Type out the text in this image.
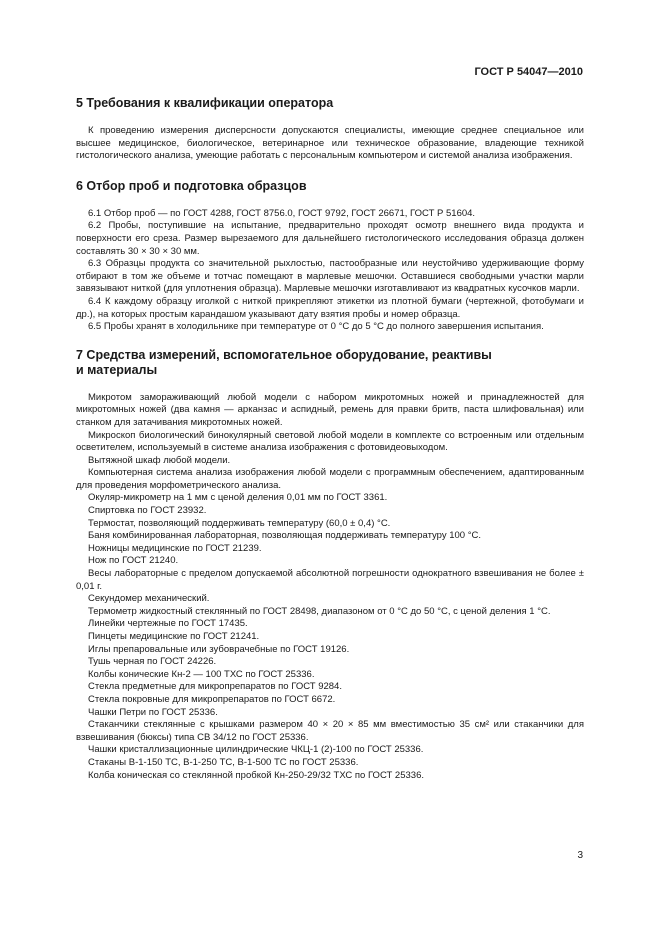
ГОСТ Р 54047—2010
5 Требования к квалификации оператора

К проведению измерения дисперсности допускаются специалисты, имеющие среднее специальное или высшее медицинское, биологическое, ветеринарное или техническое образование, владеющие техникой гистологического анализа, умеющие работать с персональным компьютером и системой анализа изображения.

6 Отбор проб и подготовка образцов

6.1 Отбор проб — по ГОСТ 4288, ГОСТ 8756.0, ГОСТ 9792, ГОСТ 26671, ГОСТ Р 51604.

6.2 Пробы, поступившие на испытание, предварительно проходят осмотр внешнего вида продукта и поверхности его среза. Размер вырезаемого для дальнейшего гистологического исследования образца должен составлять 30 × 30 × 30 мм.

6.3 Образцы продукта со значительной рыхлостью, пастообразные или неустойчиво удерживающие форму отбирают в том же объеме и тотчас помещают в марлевые мешочки. Оставшиеся свободными участки марли завязывают ниткой (для уплотнения образца). Марлевые мешочки изготавливают из квадратных кусочков марли.

6.4 К каждому образцу иголкой с ниткой прикрепляют этикетки из плотной бумаги (чертежной, фотобумаги и др.), на которых простым карандашом указывают дату взятия пробы и номер образца.

6.5 Пробы хранят в холодильнике при температуре от 0 °С до 5 °С до полного завершения испытания.

7 Средства измерений, вспомогательное оборудование, реактивы
и материалы

Микротом замораживающий любой модели с набором микротомных ножей и принадлежностей для микротомных ножей (два камня — арканзас и аспидный, ремень для правки бритв, паста шлифовальная) или станком для затачивания микротомных ножей.

Микроскоп биологический бинокулярный световой любой модели в комплекте со встроенным или отдельным осветителем, используемый в системе анализа изображения с фотовидеовыходом.

Вытяжной шкаф любой модели.

Компьютерная система анализа изображения любой модели с программным обеспечением, адаптированным для проведения морфометрического анализа.

Окуляр-микрометр на 1 мм с ценой деления 0,01 мм по ГОСТ 3361.

Спиртовка по ГОСТ 23932.

Термостат, позволяющий поддерживать температуру (60,0 ± 0,4) °С.

Баня комбинированная лабораторная, позволяющая поддерживать температуру 100 °С.

Ножницы медицинские по ГОСТ 21239.

Нож по ГОСТ 21240.

Весы лабораторные с пределом допускаемой абсолютной погрешности однократного взвешивания не более ± 0,01 г.

Секундомер механический.

Термометр жидкостный стеклянный по ГОСТ 28498, диапазоном от 0 °С до 50 °С, с ценой деления 1 °С.

Линейки чертежные по ГОСТ 17435.

Пинцеты медицинские по ГОСТ 21241.

Иглы препаровальные или зубоврачебные по ГОСТ 19126.

Тушь черная по ГОСТ 24226.

Колбы конические Кн-2 — 100 ТХС по ГОСТ 25336.

Стекла предметные для микропрепаратов по ГОСТ 9284.

Стекла покровные для микропрепаратов по ГОСТ 6672.

Чашки Петри по ГОСТ 25336.

Стаканчики стеклянные с крышками размером 40 × 20 × 85 мм вместимостью 35 см² или стаканчики для взвешивания (бюксы) типа СВ 34/12 по ГОСТ 25336.

Чашки кристаллизационные цилиндрические ЧКЦ-1 (2)-100 по ГОСТ 25336.

Стаканы В-1-150 ТС, В-1-250 ТС, В-1-500 ТС по ГОСТ 25336.

Колба коническая со стеклянной пробкой Кн-250-29/32 ТХС по ГОСТ 25336.

3
